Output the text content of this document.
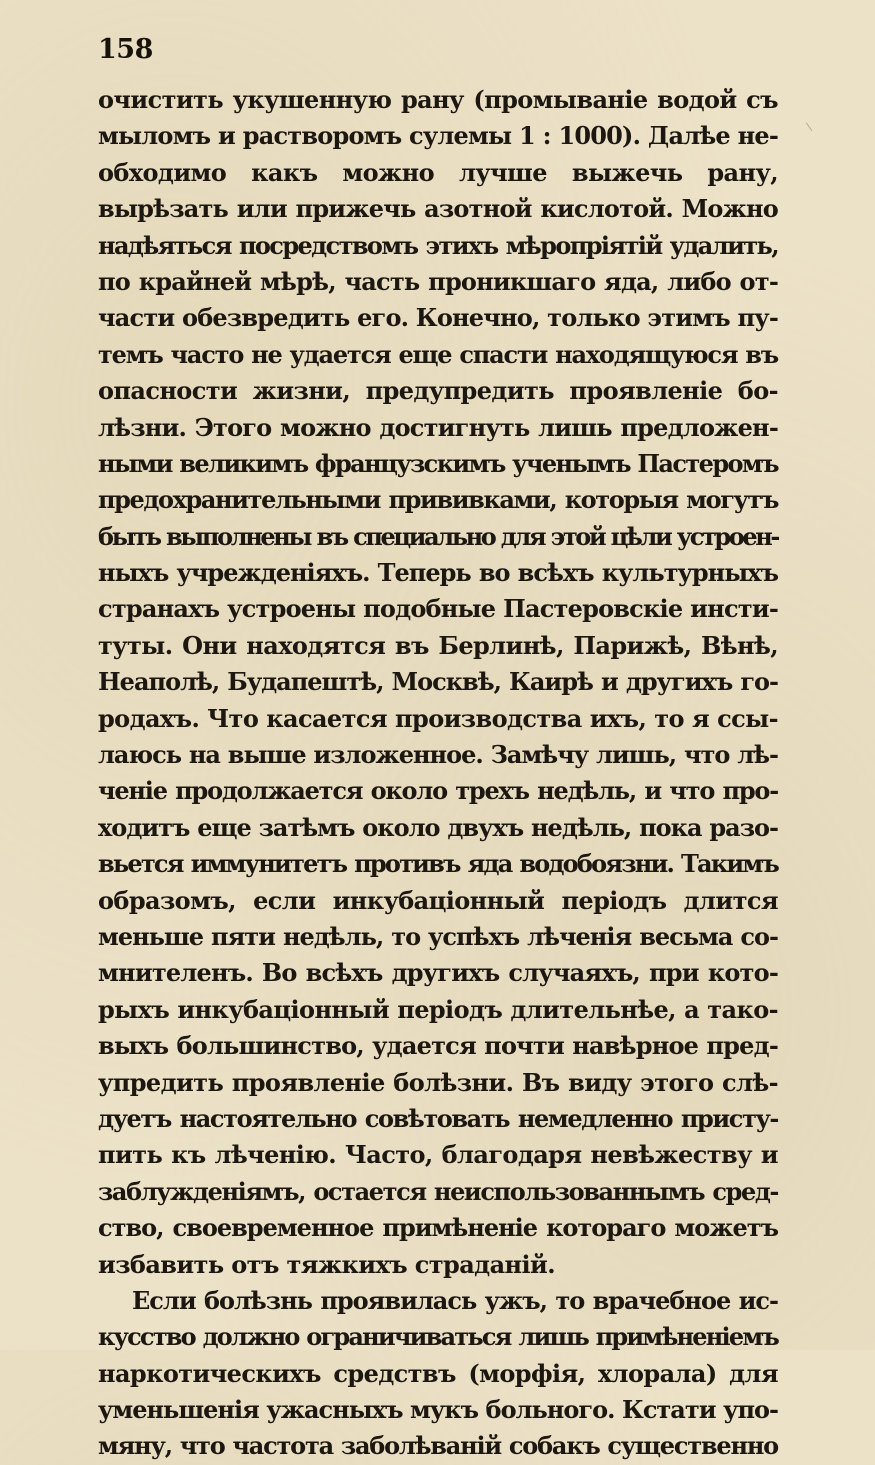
158
очистить укушенную рану (промыванie водой съ
мыломъ и растворомъ сулемы 1 : 1000). Далѣе не-
обходимо какъ можно лучше выжечь рану,
вырѣзать или прижечь азотной кислотой. Можно
надѣяться посредствомъ этихъ мѣропрiятiй удалить,
по крайней мѣрѣ, часть проникшаго яда, либо от-
части обезвредить его. Конечно, только этимъ пу-
темъ часто не удается еще спасти находящуюся въ
опасности жизни, предупредить проявленie бо-
лѣзни. Этого можно достигнуть лишь предложен-
ными великимъ французскимъ ученымъ Пастеромъ
предохранительными прививками, которыя могутъ
быть выполнены въ специально для этой цѣли устроен-
ныхъ учрежденiяхъ. Теперь во всѣхъ культурныхъ
странахъ устроены подобные Пастеровскiе инсти-
туты. Они находятся въ Берлинѣ, Парижѣ, Вѣнѣ,
Неаполѣ, Будапештѣ, Москвѣ, Каирѣ и другихъ го-
родахъ. Что касается производства ихъ, то я ссы-
лаюсь на выше изложенное. Замѣчу лишь, что лѣ-
ченie продолжается около трехъ недѣль, и что про-
ходитъ еще затѣмъ около двухъ недѣль, пока разо-
вьется иммунитетъ противъ яда водобоязни. Такимъ
образомъ, если инкубацiонный перiодъ длится
меньше пяти недѣль, то успѣхъ лѣченiя весьма со-
мнителенъ. Во всѣхъ другихъ случаяхъ, при кото-
рыхъ инкубацiонный перiодъ длительнѣе, а тако-
выхъ большинство, удается почти навѣрное пред-
упредить проявленie болѣзни. Въ виду этого слѣ-
дуетъ настоятельно совѣтовать немедленно присту-
пить къ лѣченiю. Часто, благодаря невѣжеству и
заблужденiямъ, остается неиспользованнымъ сред-
ство, своевременное примѣненie котораго можетъ
избавить отъ тяжкихъ страданiй.
Если болѣзнь проявилась ужъ, то врачебное ис-
кусство должно ограничиваться лишь примѣненiемъ
наркотическихъ средствъ (морфiя, хлорала) для
уменьшенiя ужасныхъ мукъ больного. Кстати упо-
мяну, что частота заболѣванiй собакъ существенно
